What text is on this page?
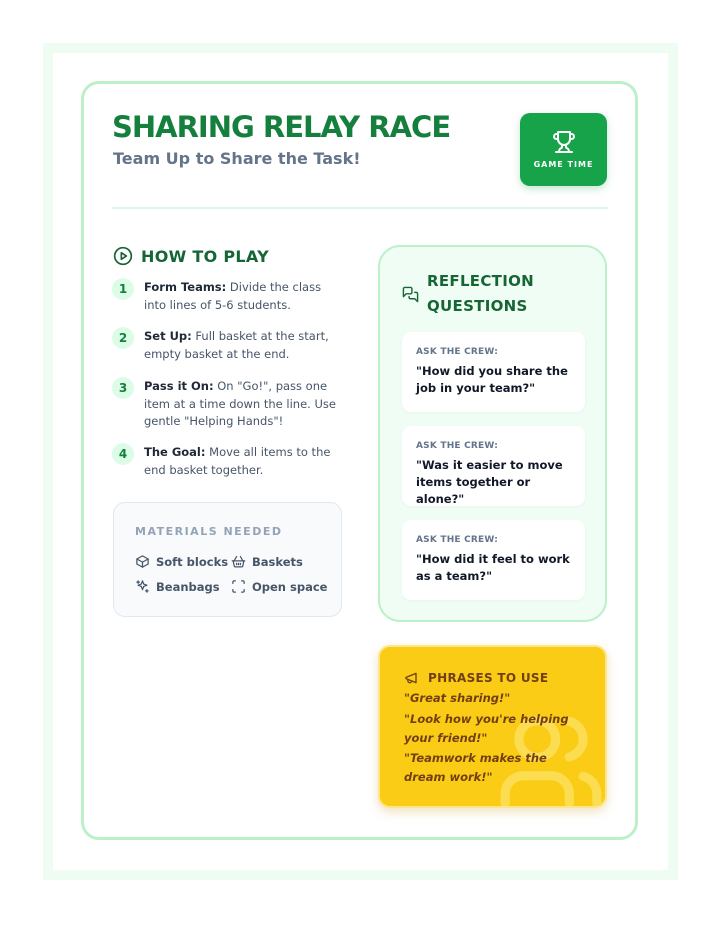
SHARING RELAY RACE
Team Up to Share the Task!	GAME TIME
HOW TO PLAY
1	Form Teams: Divide the class into lines of 5-6 students.
2	Set Up: Full basket at the start, empty basket at the end.
3	Pass it On: On "Go!", pass one item at a time down the line. Use gentle "Helping Hands"!
4	The Goal: Move all items to the end basket together.
MATERIALS NEEDED
Soft blocks Baskets
Beanbags	Open space
REFLECTION
QUESTIONS
ASK THE CREW:
"How did you share the job in your team?"
ASK THE CREW:
"Was it easier to move items together or alone?"
ASK THE CREW:
"How did it feel to work as a team?"
PHRASES TO USE
"Great sharing!"
"Look how you're helping your friend!"
"Teamwork makes the dream work!"
